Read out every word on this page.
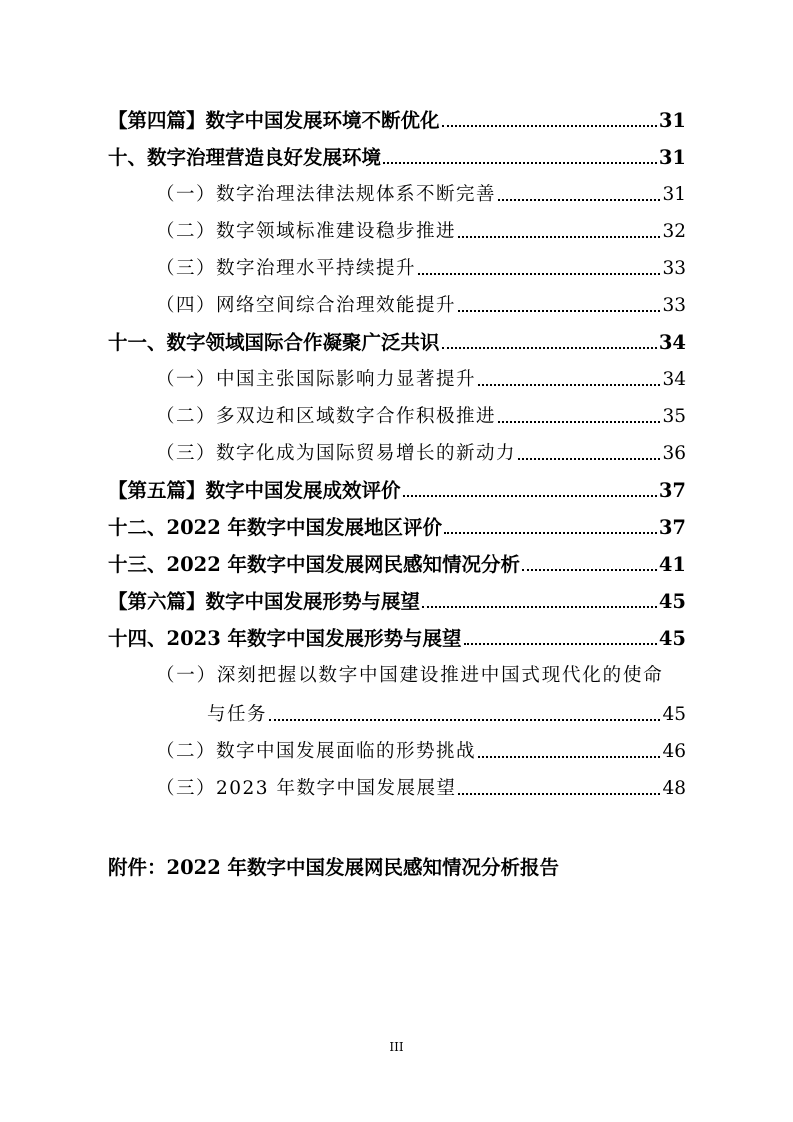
【第四篇】数字中国发展环境不断优化	31
十、数字治理营造良好发展环境	31
（一）数字治理法律法规体系不断完善	31
（二）数字领域标准建设稳步推进	32
（三）数字治理水平持续提升	33
（四）网络空间综合治理效能提升	33
十一、数字领域国际合作凝聚广泛共识	34
（一）中国主张国际影响力显著提升	34
（二）多双边和区域数字合作积极推进	35
（三）数字化成为国际贸易增长的新动力	36
【第五篇】数字中国发展成效评价	37
十二、2022 年数字中国发展地区评价	37
十三、2022 年数字中国发展网民感知情况分析	41
【第六篇】数字中国发展形势与展望	45
十四、2023 年数字中国发展形势与展望	45
（一）深刻把握以数字中国建设推进中国式现代化的使命
与任务	45
（二）数字中国发展面临的形势挑战	46
（三）2023 年数字中国发展展望	48
附件：2022 年数字中国发展网民感知情况分析报告
III
